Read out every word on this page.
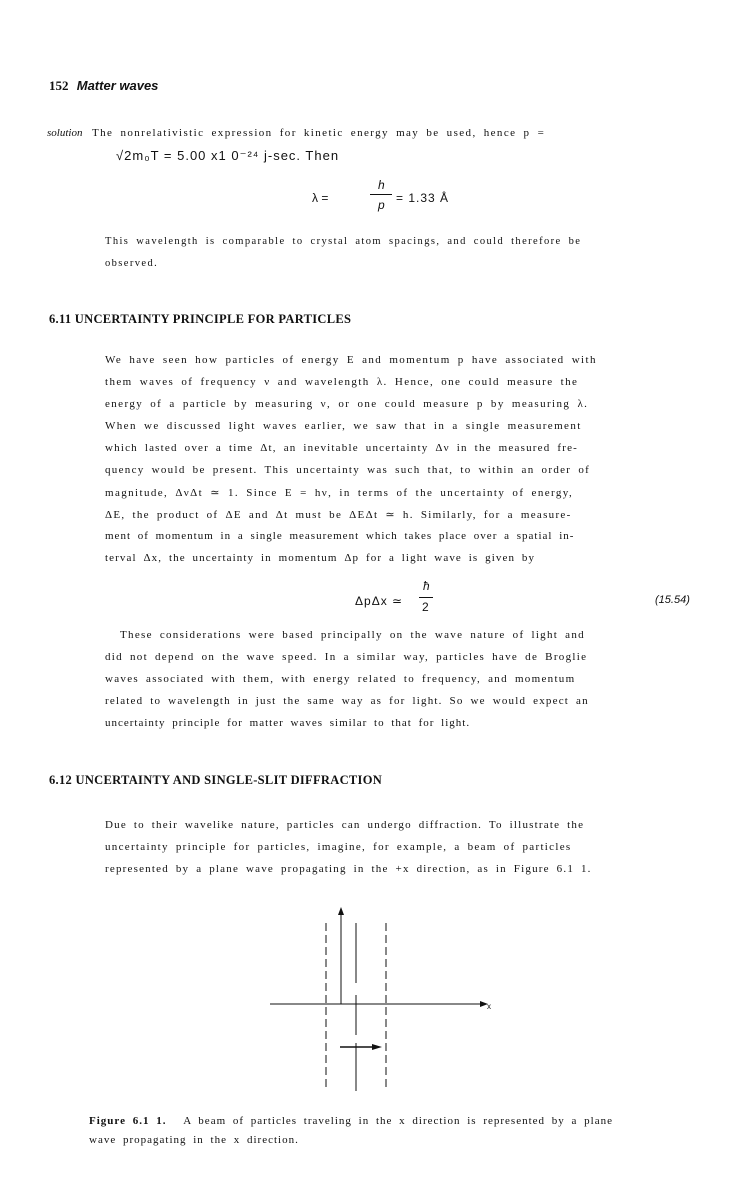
152 Matter waves
solution The nonrelativistic expression for kinetic energy may be used, hence p =
√2m₀T = 5.00 x1 0⁻²⁴ j-sec. Then
λ =
h
p = 1.33 Å
This wavelength is comparable to crystal atom spacings, and could therefore be
observed.
6.11 UNCERTAINTY PRINCIPLE FOR PARTICLES
We have seen how particles of energy E and momentum p have associated with
them waves of frequency ν and wavelength λ. Hence, one could measure the
energy of a particle by measuring ν, or one could measure p by measuring λ.
When we discussed light waves earlier, we saw that in a single measurement
which lasted over a time Δt, an inevitable uncertainty Δν in the measured fre-
quency would be present. This uncertainty was such that, to within an order of
magnitude, ΔνΔt ≃ 1. Since E = hν, in terms of the uncertainty of energy,
ΔE, the product of ΔE and Δt must be ΔEΔt ≃ h. Similarly, for a measure-
ment of momentum in a single measurement which takes place over a spatial in-
terval Δx, the uncertainty in momentum Δp for a light wave is given by
ΔpΔx ≃
ħ
2	(15.54)
These considerations were based principally on the wave nature of light and
did not depend on the wave speed. In a similar way, particles have de Broglie
waves associated with them, with energy related to frequency, and momentum
related to wavelength in just the same way as for light. So we would expect an
uncertainty principle for matter waves similar to that for light.
6.12 UNCERTAINTY AND SINGLE-SLIT DIFFRACTION
Due to their wavelike nature, particles can undergo diffraction. To illustrate the
uncertainty principle for particles, imagine, for example, a beam of particles
represented by a plane wave propagating in the +x direction, as in Figure 6.1 1.
x
Figure 6.1 1. A beam of particles traveling in the x direction is represented by a plane
wave propagating in the x direction.
